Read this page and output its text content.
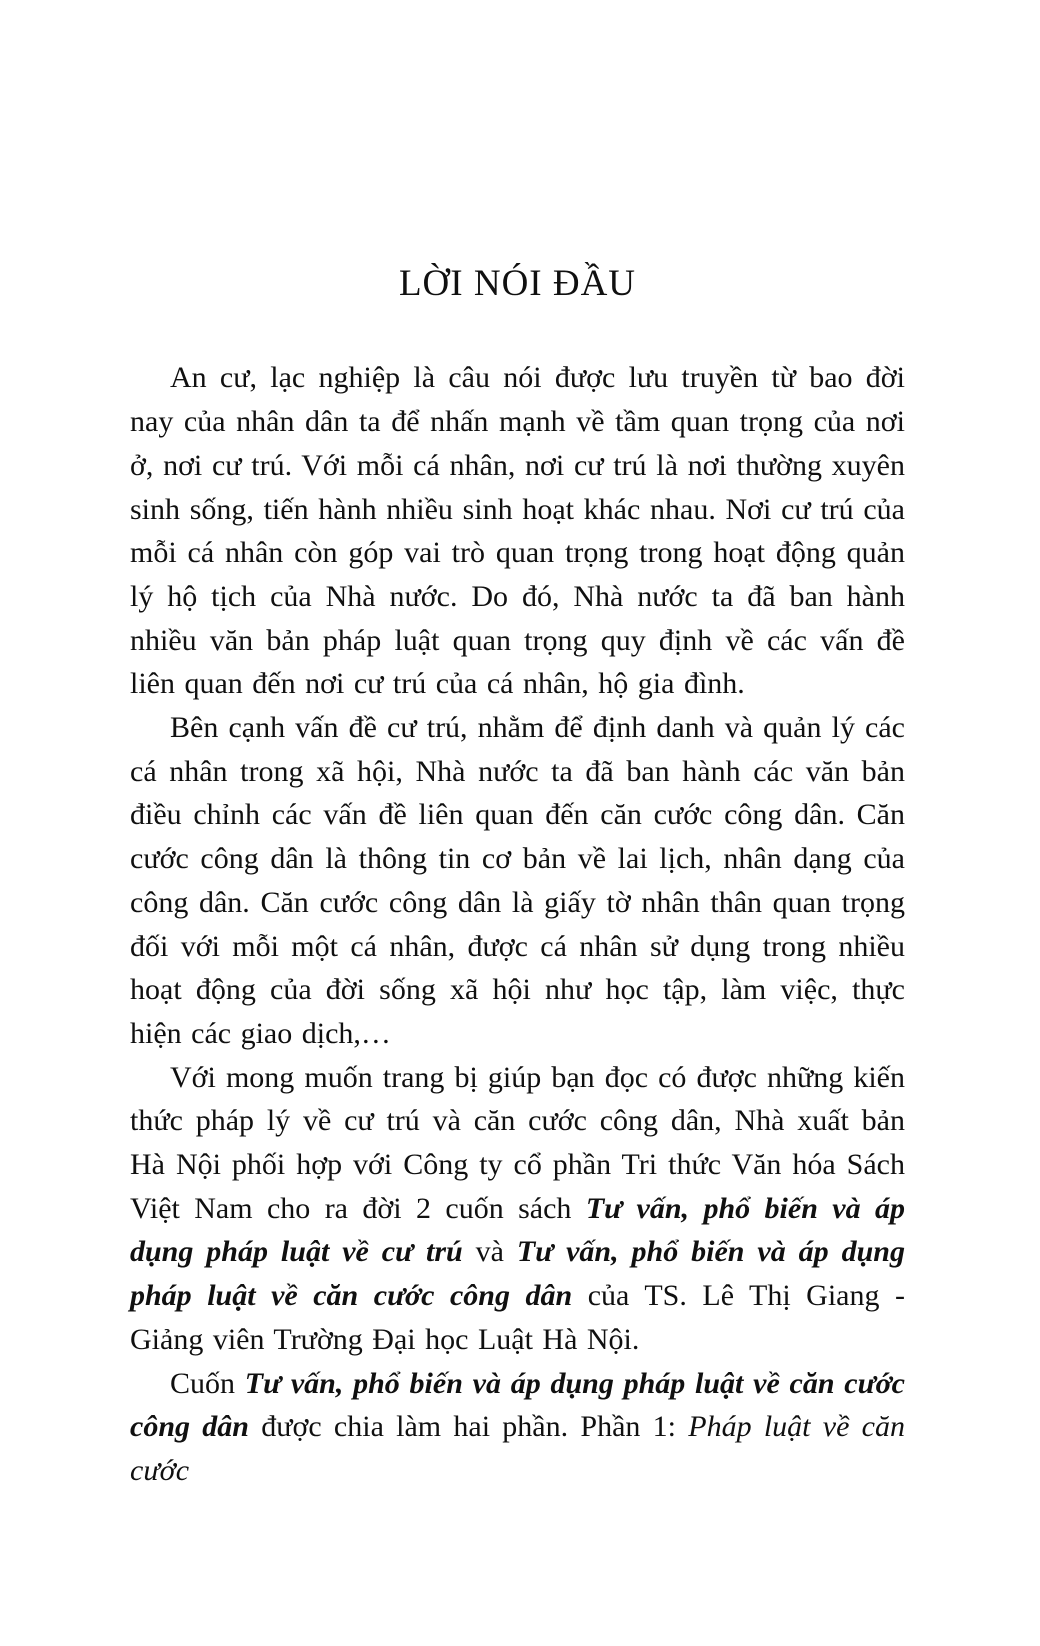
LỜI NÓI ĐẦU

An cư, lạc nghiệp là câu nói được lưu truyền từ bao đời nay của nhân dân ta để nhấn mạnh về tầm quan trọng của nơi ở, nơi cư trú. Với mỗi cá nhân, nơi cư trú là nơi thường xuyên sinh sống, tiến hành nhiều sinh hoạt khác nhau. Nơi cư trú của mỗi cá nhân còn góp vai trò quan trọng trong hoạt động quản lý hộ tịch của Nhà nước. Do đó, Nhà nước ta đã ban hành nhiều văn bản pháp luật quan trọng quy định về các vấn đề liên quan đến nơi cư trú của cá nhân, hộ gia đình.

Bên cạnh vấn đề cư trú, nhằm để định danh và quản lý các cá nhân trong xã hội, Nhà nước ta đã ban hành các văn bản điều chỉnh các vấn đề liên quan đến căn cước công dân. Căn cước công dân là thông tin cơ bản về lai lịch, nhân dạng của công dân. Căn cước công dân là giấy tờ nhân thân quan trọng đối với mỗi một cá nhân, được cá nhân sử dụng trong nhiều hoạt động của đời sống xã hội như học tập, làm việc, thực hiện các giao dịch,…

Với mong muốn trang bị giúp bạn đọc có được những kiến thức pháp lý về cư trú và căn cước công dân, Nhà xuất bản Hà Nội phối hợp với Công ty cổ phần Tri thức Văn hóa Sách Việt Nam cho ra đời 2 cuốn sách Tư vấn, phổ biến và áp dụng pháp luật về cư trú và Tư vấn, phổ biến và áp dụng pháp luật về căn cước công dân của TS. Lê Thị Giang - Giảng viên Trường Đại học Luật Hà Nội.

Cuốn Tư vấn, phổ biến và áp dụng pháp luật về căn cước công dân được chia làm hai phần. Phần 1: Pháp luật về căn cước
